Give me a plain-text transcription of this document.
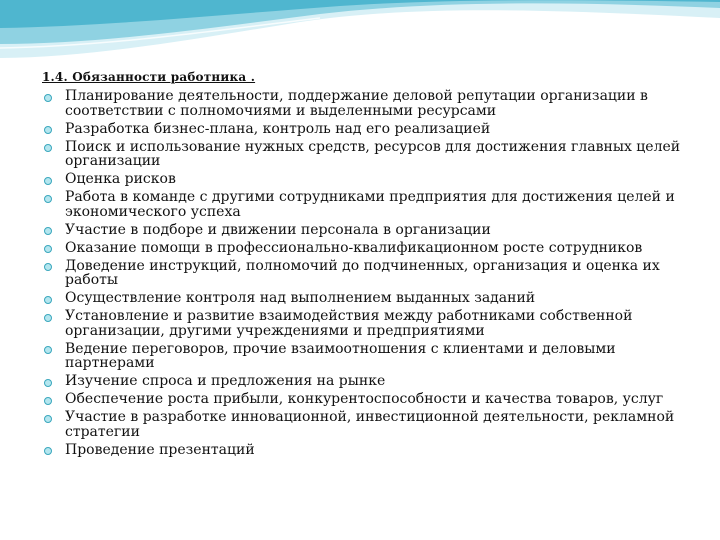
1.4. Обязанности работника .
Планирование деятельности, поддержание деловой репутации организации в соответствии с полномочиями и выделенными ресурсами
Разработка бизнес-плана, контроль над его реализацией
Поиск и использование нужных средств, ресурсов для достижения главных целей организации
Оценка рисков
Работа в команде с другими сотрудниками предприятия для достижения целей и экономического успеха
Участие в подборе и движении персонала в организации
Оказание помощи в профессионально-квалификационном росте сотрудников
Доведение инструкций, полномочий до подчиненных, организация и оценка их работы
Осуществление контроля над выполнением выданных заданий
Установление и развитие взаимодействия между работниками собственной организации, другими учреждениями и предприятиями
Ведение переговоров, прочие взаимоотношения с клиентами и деловыми партнерами
Изучение спроса и предложения на рынке
Обеспечение роста прибыли, конкурентоспособности и качества товаров, услуг
Участие в разработке инновационной, инвестиционной деятельности, рекламной стратегии
Проведение презентаций
